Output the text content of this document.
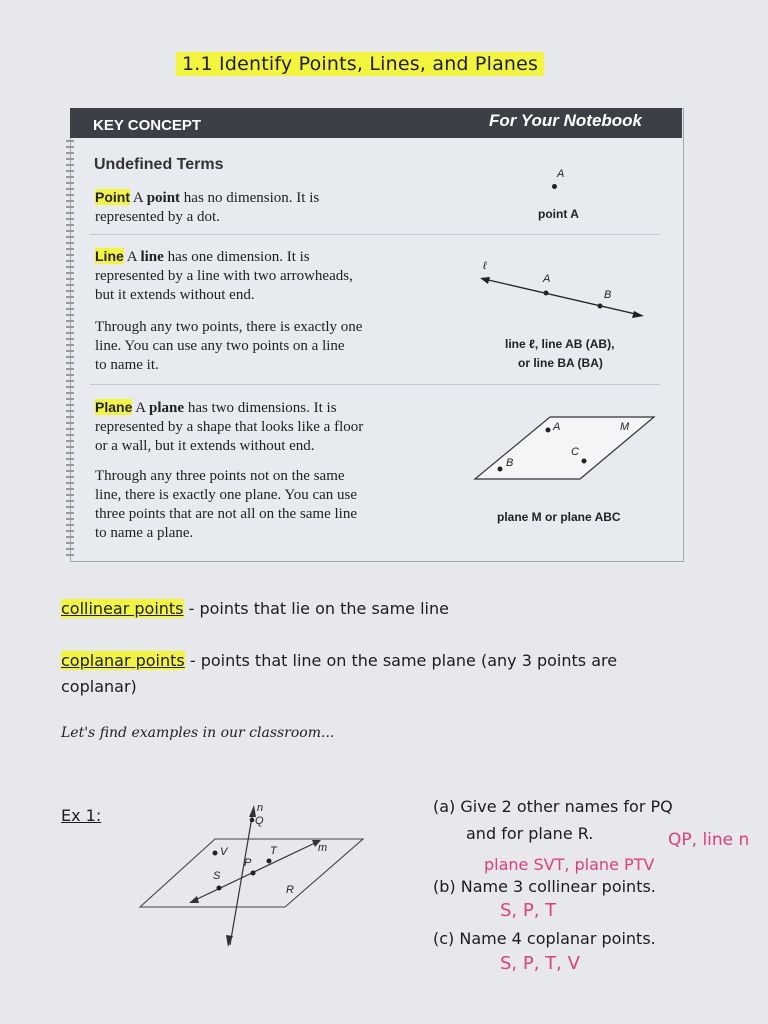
1.1 Identify Points, Lines, and Planes
KEY CONCEPT	For Your Notebook
Undefined Terms
Point A point has no dimension. It is
represented by a dot.
A
point A
Line A line has one dimension. It is
represented by a line with two arrowheads,
but it extends without end.
Through any two points, there is exactly one
line. You can use any two points on a line
to name it.
ℓ
A
B
line ℓ, line AB (AB),
or line BA (BA)
Plane A plane has two dimensions. It is
represented by a shape that looks like a floor
or a wall, but it extends without end.
Through any three points not on the same
line, there is exactly one plane. You can use
three points that are not all on the same line
to name a plane.
A	M
B
C
plane M or plane ABC
collinear points - points that lie on the same line
coplanar points - points that line on the same plane (any 3 points are
coplanar)
Let's find examples in our classroom...
Ex 1:	n
Q
m
V	T
S
P
R
(a) Give 2 other names for PQ
and for plane R.	QP, line n
plane SVT, plane PTV
(b) Name 3 collinear points.
S, P, T
(c) Name 4 coplanar points.
S, P, T, V
